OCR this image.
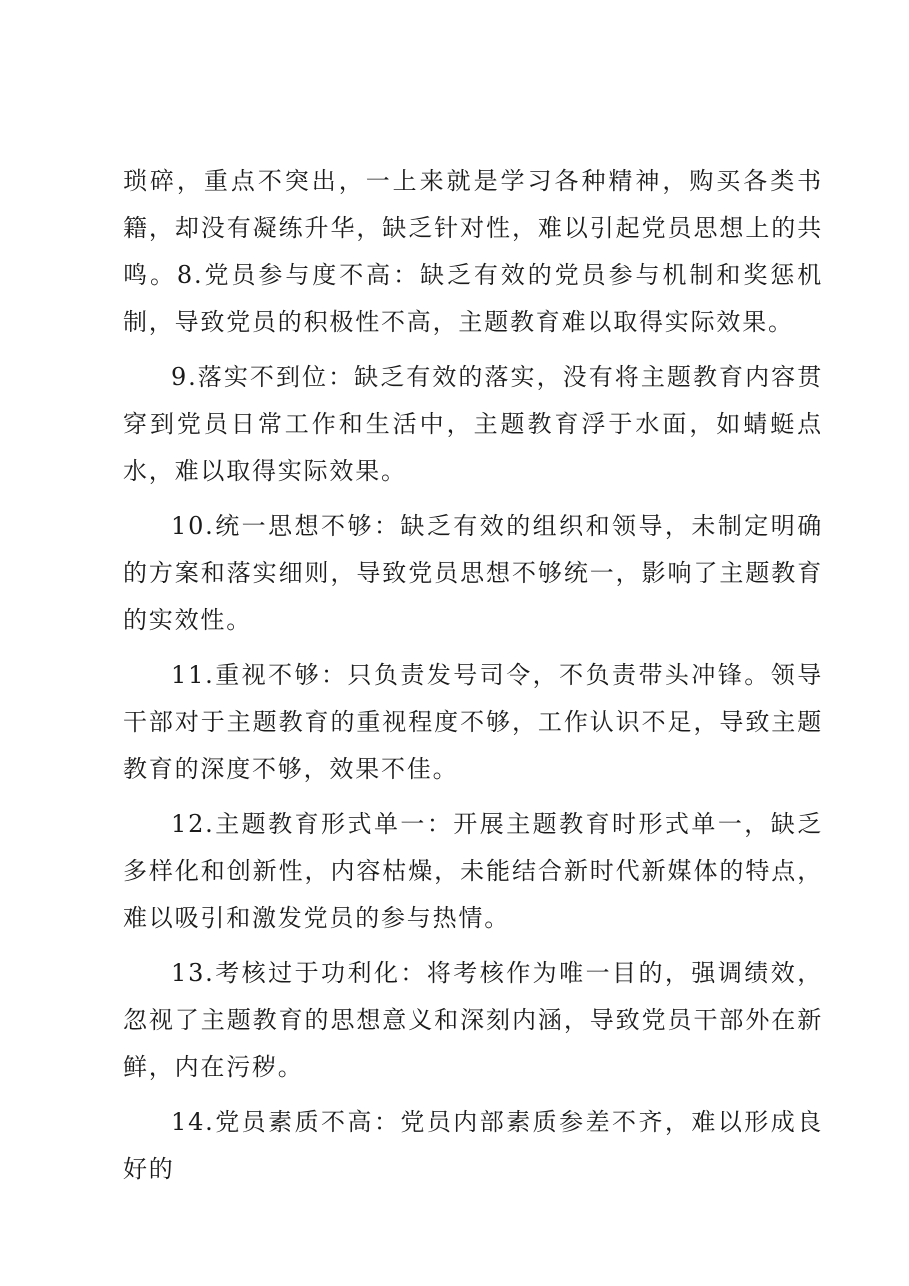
琐碎，重点不突出，一上来就是学习各种精神，购买各类书籍，却没有凝练升华，缺乏针对性，难以引起党员思想上的共鸣。8.党员参与度不高：缺乏有效的党员参与机制和奖惩机制，导致党员的积极性不高，主题教育难以取得实际效果。

9.落实不到位：缺乏有效的落实，没有将主题教育内容贯穿到党员日常工作和生活中，主题教育浮于水面，如蜻蜓点水，难以取得实际效果。

10.统一思想不够：缺乏有效的组织和领导，未制定明确的方案和落实细则，导致党员思想不够统一，影响了主题教育的实效性。

11.重视不够：只负责发号司令，不负责带头冲锋。领导干部对于主题教育的重视程度不够，工作认识不足，导致主题教育的深度不够，效果不佳。

12.主题教育形式单一：开展主题教育时形式单一，缺乏多样化和创新性，内容枯燥，未能结合新时代新媒体的特点，难以吸引和激发党员的参与热情。

13.考核过于功利化：将考核作为唯一目的，强调绩效，忽视了主题教育的思想意义和深刻内涵，导致党员干部外在新鲜，内在污秽。

14.党员素质不高：党员内部素质参差不齐，难以形成良好的
